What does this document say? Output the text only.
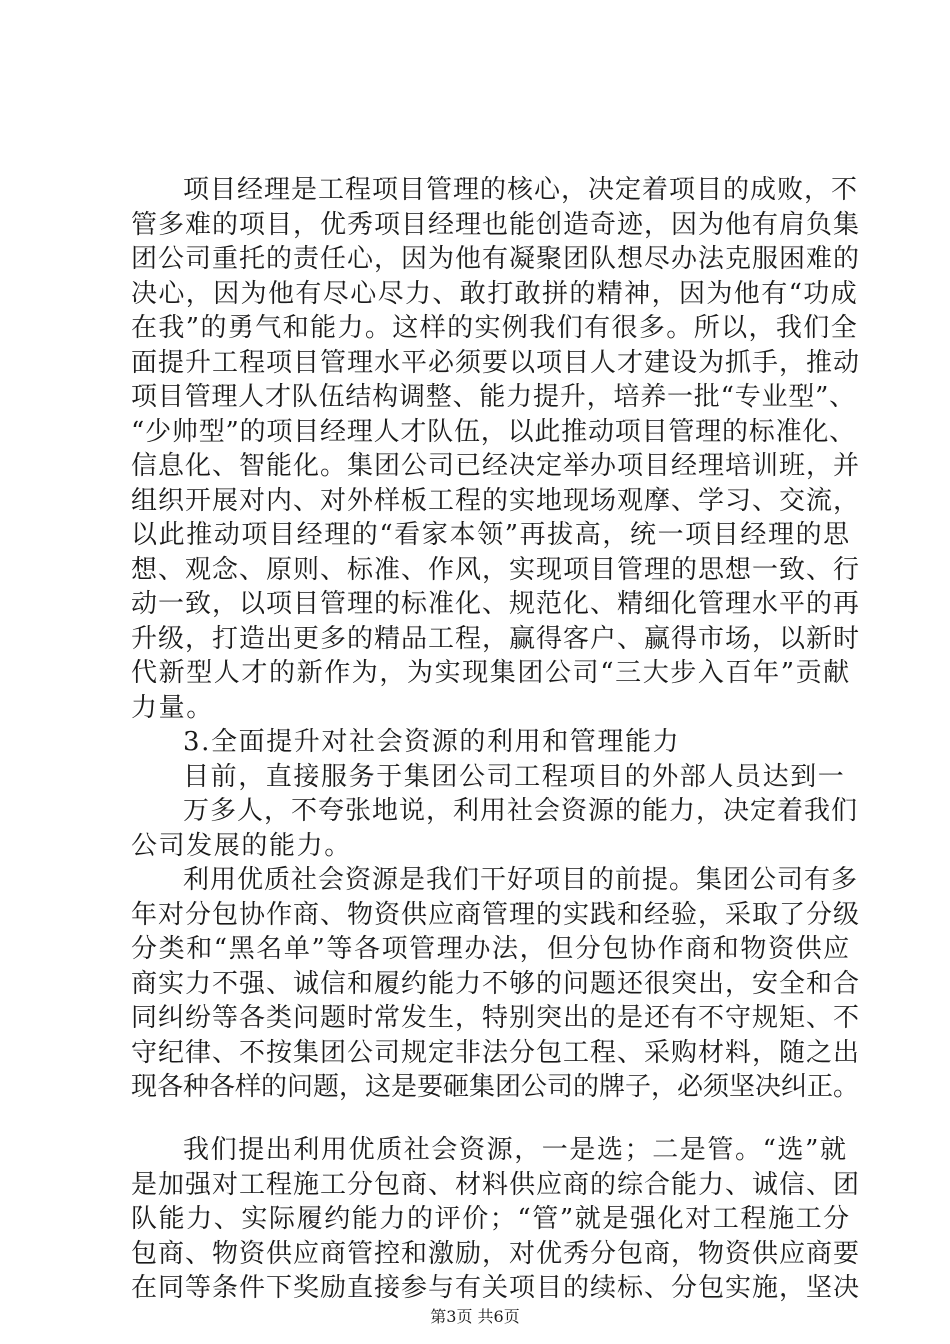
项目经理是工程项目管理的核心，决定着项目的成败，不
管多难的项目，优秀项目经理也能创造奇迹，因为他有肩负集
团公司重托的责任心，因为他有凝聚团队想尽办法克服困难的
决心，因为他有尽心尽力、敢打敢拼的精神，因为他有“功成
在我”的勇气和能力。这样的实例我们有很多。所以，我们全
面提升工程项目管理水平必须要以项目人才建设为抓手，推动
项目管理人才队伍结构调整、能力提升，培养一批“专业型”、
“少帅型”的项目经理人才队伍，以此推动项目管理的标准化、
信息化、智能化。集团公司已经决定举办项目经理培训班，并
组织开展对内、对外样板工程的实地现场观摩、学习、交流，
以此推动项目经理的“看家本领”再拔高，统一项目经理的思
想、观念、原则、标准、作风，实现项目管理的思想一致、行
动一致，以项目管理的标准化、规范化、精细化管理水平的再
升级，打造出更多的精品工程，赢得客户、赢得市场，以新时
代新型人才的新作为，为实现集团公司“三大步入百年”贡献
力量。
3.全面提升对社会资源的利用和管理能力
目前，直接服务于集团公司工程项目的外部人员达到一
万多人，不夸张地说，利用社会资源的能力，决定着我们
公司发展的能力。
利用优质社会资源是我们干好项目的前提。集团公司有多
年对分包协作商、物资供应商管理的实践和经验，采取了分级
分类和“黑名单”等各项管理办法，但分包协作商和物资供应
商实力不强、诚信和履约能力不够的问题还很突出，安全和合
同纠纷等各类问题时常发生，特别突出的是还有不守规矩、不
守纪律、不按集团公司规定非法分包工程、采购材料，随之出
现各种各样的问题，这是要砸集团公司的牌子，必须坚决纠正。
我们提出利用优质社会资源，一是选；二是管。“选”就
是加强对工程施工分包商、材料供应商的综合能力、诚信、团
队能力、实际履约能力的评价；“管”就是强化对工程施工分
包商、物资供应商管控和激励，对优秀分包商，物资供应商要
在同等条件下奖励直接参与有关项目的续标、分包实施，坚决
第3页 共6页
